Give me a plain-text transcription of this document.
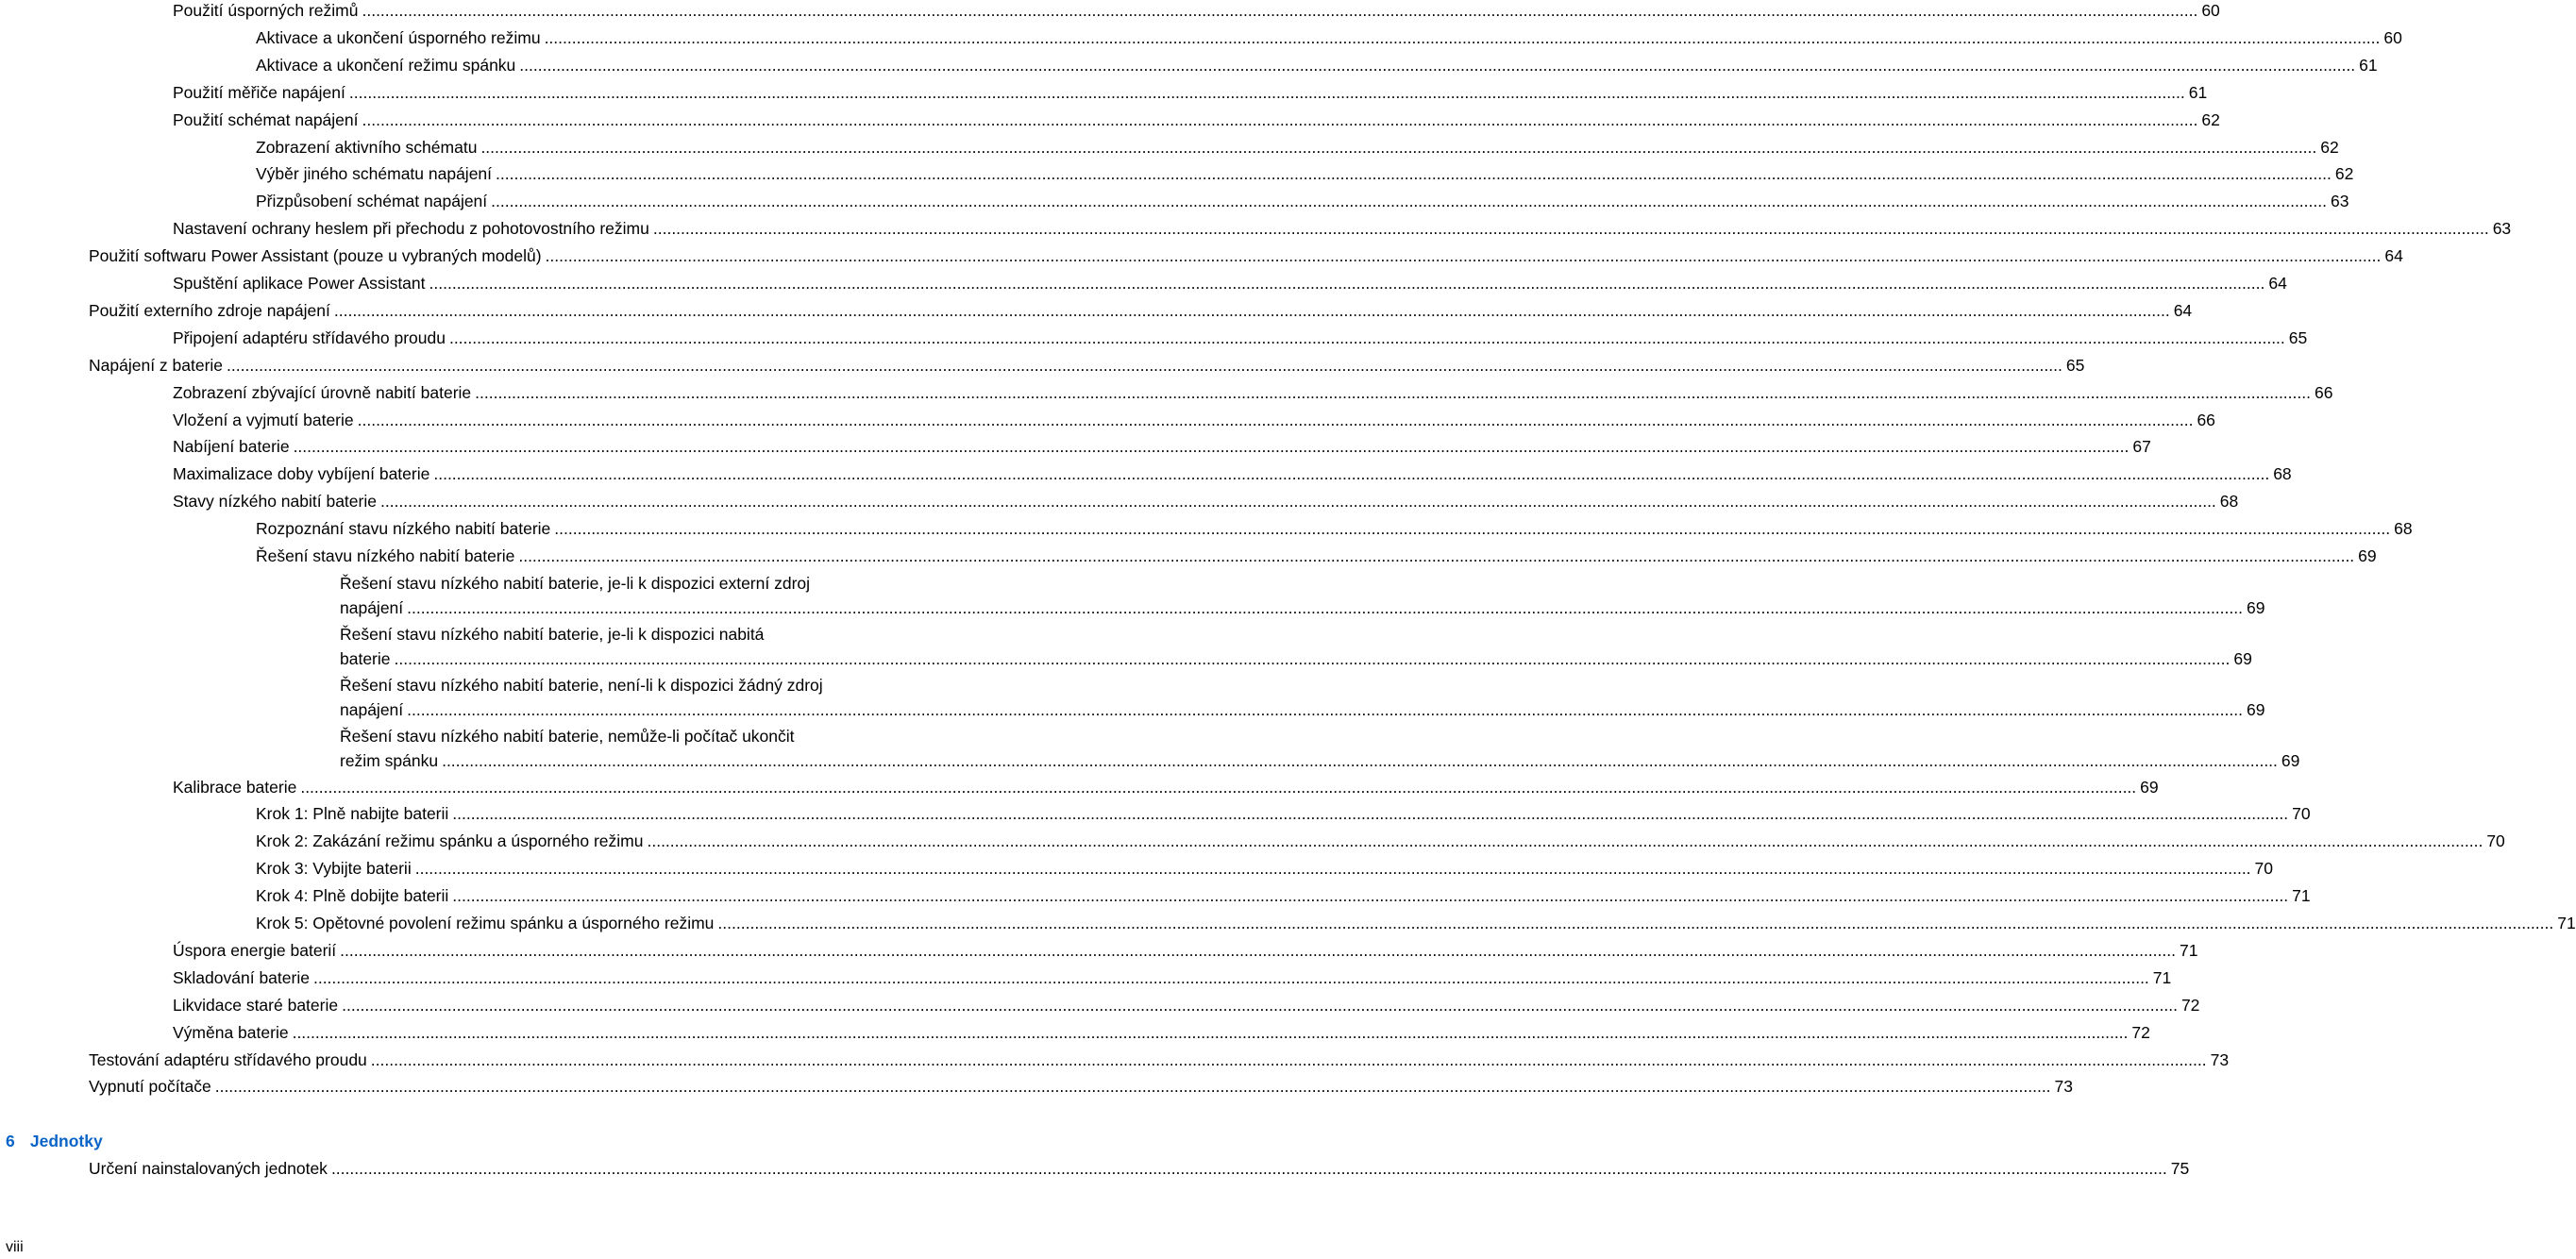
Použití úsporných režimů ................................................................................................................................................................................................................................................................................................................................................................................................................ 60
Aktivace a ukončení úsporného režimu ................................................................................................................................................................................................................................................................................................................................................................................................................ 60
Aktivace a ukončení režimu spánku ................................................................................................................................................................................................................................................................................................................................................................................................................ 61
Použití měřiče napájení ................................................................................................................................................................................................................................................................................................................................................................................................................ 61
Použití schémat napájení ................................................................................................................................................................................................................................................................................................................................................................................................................ 62
Zobrazení aktivního schématu ................................................................................................................................................................................................................................................................................................................................................................................................................ 62
Výběr jiného schématu napájení ................................................................................................................................................................................................................................................................................................................................................................................................................ 62
Přizpůsobení schémat napájení ................................................................................................................................................................................................................................................................................................................................................................................................................ 63
Nastavení ochrany heslem při přechodu z pohotovostního režimu ................................................................................................................................................................................................................................................................................................................................................................................................................ 63
Použití softwaru Power Assistant (pouze u vybraných modelů) ................................................................................................................................................................................................................................................................................................................................................................................................................ 64
Spuštění aplikace Power Assistant ................................................................................................................................................................................................................................................................................................................................................................................................................ 64
Použití externího zdroje napájení ................................................................................................................................................................................................................................................................................................................................................................................................................ 64
Připojení adaptéru střídavého proudu ................................................................................................................................................................................................................................................................................................................................................................................................................ 65
Napájení z baterie ................................................................................................................................................................................................................................................................................................................................................................................................................ 65
Zobrazení zbývající úrovně nabití baterie ................................................................................................................................................................................................................................................................................................................................................................................................................ 66
Vložení a vyjmutí baterie ................................................................................................................................................................................................................................................................................................................................................................................................................ 66
Nabíjení baterie ................................................................................................................................................................................................................................................................................................................................................................................................................ 67
Maximalizace doby vybíjení baterie ................................................................................................................................................................................................................................................................................................................................................................................................................ 68
Stavy nízkého nabití baterie ................................................................................................................................................................................................................................................................................................................................................................................................................ 68
Rozpoznání stavu nízkého nabití baterie ................................................................................................................................................................................................................................................................................................................................................................................................................ 68
Řešení stavu nízkého nabití baterie ................................................................................................................................................................................................................................................................................................................................................................................................................ 69
Řešení stavu nízkého nabití baterie, je-li k dispozici externí zdroj
napájení ................................................................................................................................................................................................................................................................................................................................................................................................................ 69
Řešení stavu nízkého nabití baterie, je-li k dispozici nabitá
baterie ................................................................................................................................................................................................................................................................................................................................................................................................................ 69
Řešení stavu nízkého nabití baterie, není-li k dispozici žádný zdroj
napájení ................................................................................................................................................................................................................................................................................................................................................................................................................ 69
Řešení stavu nízkého nabití baterie, nemůže-li počítač ukončit
režim spánku ................................................................................................................................................................................................................................................................................................................................................................................................................ 69
Kalibrace baterie ................................................................................................................................................................................................................................................................................................................................................................................................................ 69
Krok 1: Plně nabijte baterii ................................................................................................................................................................................................................................................................................................................................................................................................................ 70
Krok 2: Zakázání režimu spánku a úsporného režimu ................................................................................................................................................................................................................................................................................................................................................................................................................ 70
Krok 3: Vybijte baterii ................................................................................................................................................................................................................................................................................................................................................................................................................ 70
Krok 4: Plně dobijte baterii ................................................................................................................................................................................................................................................................................................................................................................................................................ 71
Krok 5: Opětovné povolení režimu spánku a úsporného režimu ................................................................................................................................................................................................................................................................................................................................................................................................................ 71
Úspora energie baterií ................................................................................................................................................................................................................................................................................................................................................................................................................ 71
Skladování baterie ................................................................................................................................................................................................................................................................................................................................................................................................................ 71
Likvidace staré baterie ................................................................................................................................................................................................................................................................................................................................................................................................................ 72
Výměna baterie ................................................................................................................................................................................................................................................................................................................................................................................................................ 72
Testování adaptéru střídavého proudu ................................................................................................................................................................................................................................................................................................................................................................................................................ 73
Vypnutí počítače ................................................................................................................................................................................................................................................................................................................................................................................................................ 73
6 Jednotky
Určení nainstalovaných jednotek ................................................................................................................................................................................................................................................................................................................................................................................................................ 75
viii
